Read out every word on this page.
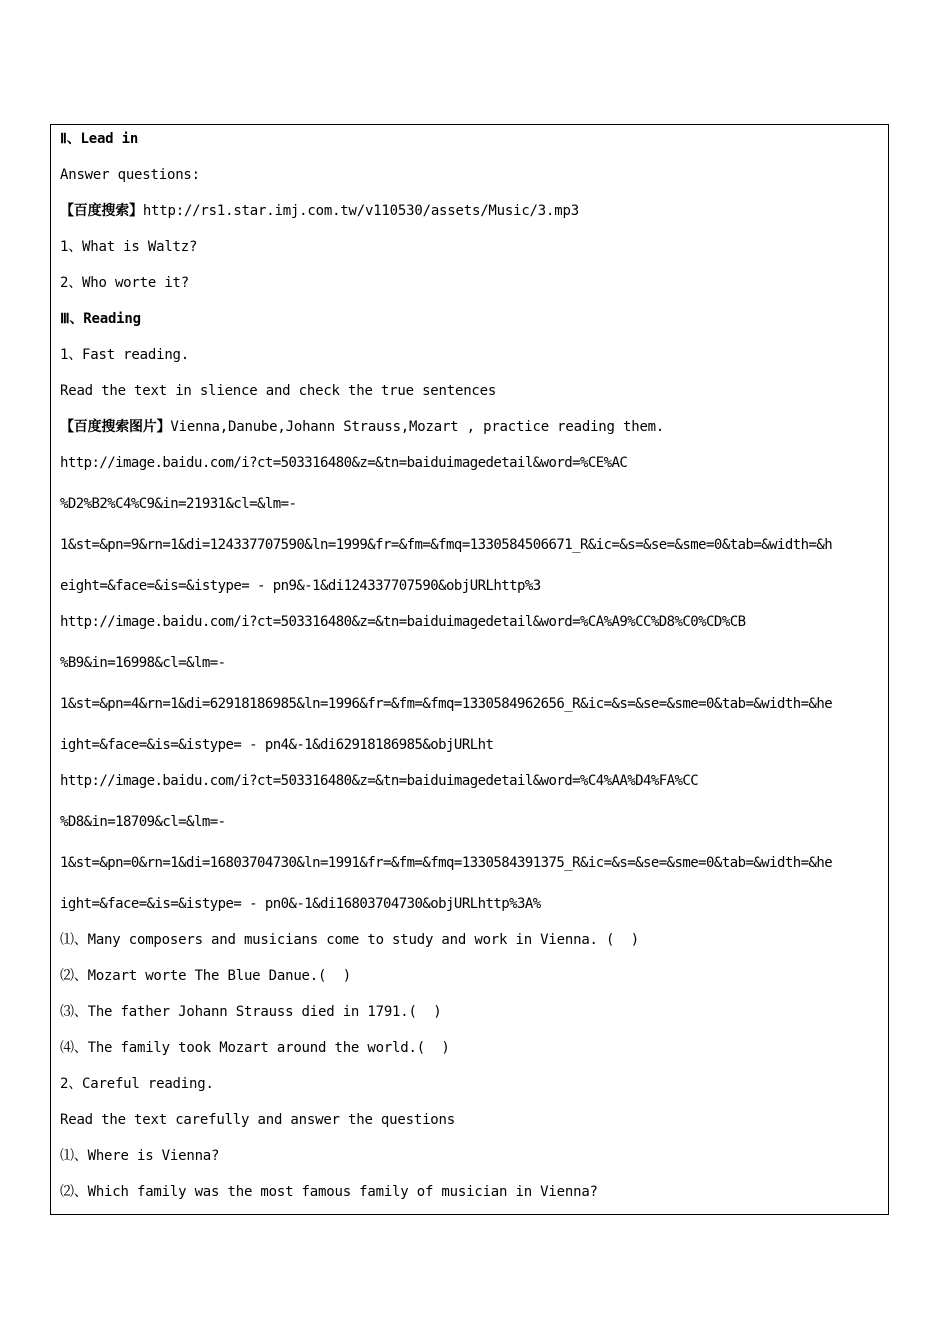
Ⅱ、Lead in

Answer questions:

【百度搜索】http://rs1.star.imj.com.tw/v110530/assets/Music/3.mp3

1、What is Waltz?

2、Who worte it?

Ⅲ、Reading

1、Fast reading.

Read the text in slience and check the true sentences

【百度搜索图片】Vienna,Danube,Johann Strauss,Mozart , practice reading them.

http://image.baidu.com/i?ct=503316480&z=&tn=baiduimagedetail&word=%CE%AC

%D2%B2%C4%C9&in=21931&cl=&lm=-

1&st=&pn=9&rn=1&di=124337707590&ln=1999&fr=&fm=&fmq=1330584506671_R&ic=&s=&se=&sme=0&tab=&width=&h

eight=&face=&is=&istype= - pn9&-1&di124337707590&objURLhttp%3

http://image.baidu.com/i?ct=503316480&z=&tn=baiduimagedetail&word=%CA%A9%CC%D8%C0%CD%CB

%B9&in=16998&cl=&lm=-

1&st=&pn=4&rn=1&di=62918186985&ln=1996&fr=&fm=&fmq=1330584962656_R&ic=&s=&se=&sme=0&tab=&width=&he

ight=&face=&is=&istype= - pn4&-1&di62918186985&objURLht

http://image.baidu.com/i?ct=503316480&z=&tn=baiduimagedetail&word=%C4%AA%D4%FA%CC

%D8&in=18709&cl=&lm=-

1&st=&pn=0&rn=1&di=16803704730&ln=1991&fr=&fm=&fmq=1330584391375_R&ic=&s=&se=&sme=0&tab=&width=&he

ight=&face=&is=&istype= - pn0&-1&di16803704730&objURLhttp%3A%

⑴、Many composers and musicians come to study and work in Vienna. (  )

⑵、Mozart worte The Blue Danue.(  )

⑶、The father Johann Strauss died in 1791.(  )

⑷、The family took Mozart around the world.(  )

2、Careful reading.

Read the text carefully and answer the questions

⑴、Where is Vienna?

⑵、Which family was the most famous family of musician in Vienna?
